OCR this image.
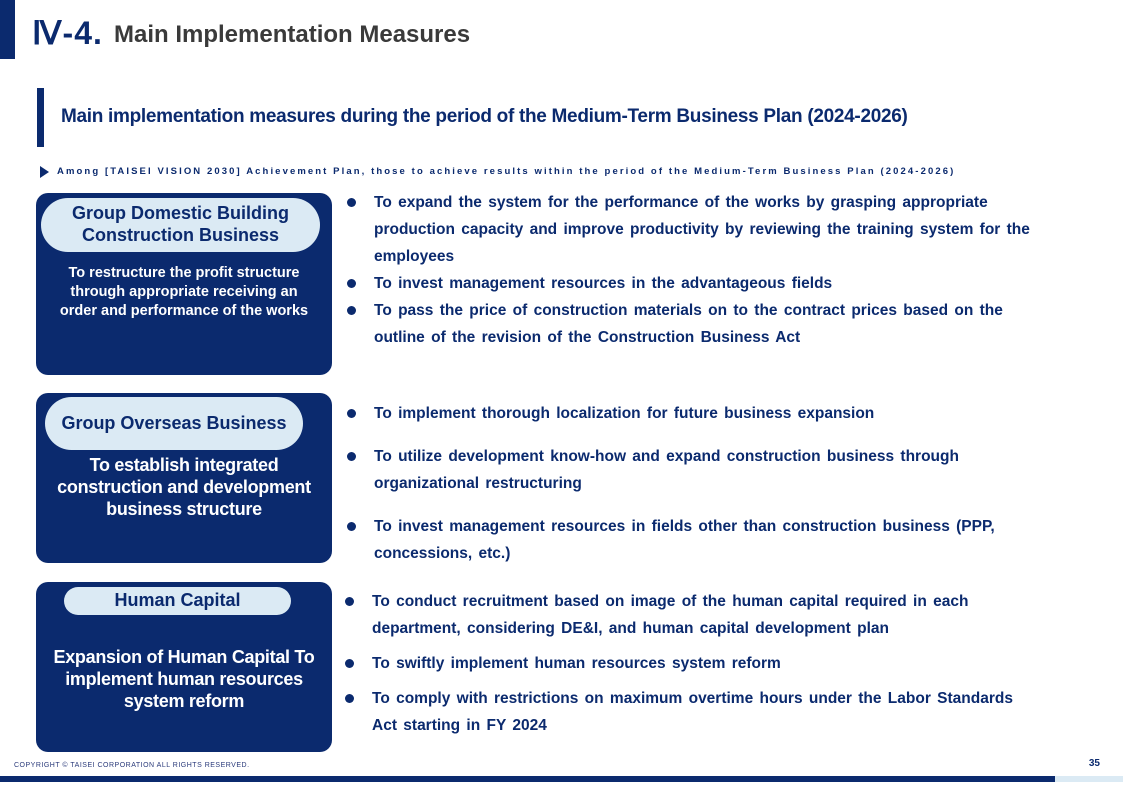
Ⅳ-4. Main Implementation Measures
Main implementation measures during the period of the Medium-Term Business Plan (2024-2026)
Among [TAISEI VISION 2030] Achievement Plan, those to achieve results within the period of the Medium-Term Business Plan (2024-2026)
Group Domestic Building Construction Business
To restructure the profit structure through appropriate receiving an order and performance of the works
To expand the system for the performance of the works by grasping appropriate production capacity and improve productivity by reviewing the training system for the employees
To invest management resources in the advantageous fields
To pass the price of construction materials on to the contract prices based on the outline of the revision of the Construction Business Act
Group Overseas Business
To establish integrated construction and development business structure
To implement thorough localization for future business expansion
To utilize development know-how and expand construction business through organizational restructuring
To invest management resources in fields other than construction business (PPP, concessions, etc.)
Human Capital
Expansion of Human Capital To implement human resources system reform
To conduct recruitment based on image of the human capital required in each department, considering DE&I, and human capital development plan
To swiftly implement human resources system reform
To comply with restrictions on maximum overtime hours under the Labor Standards Act starting in FY 2024
COPYRIGHT © TAISEI CORPORATION ALL RIGHTS RESERVED.	35
